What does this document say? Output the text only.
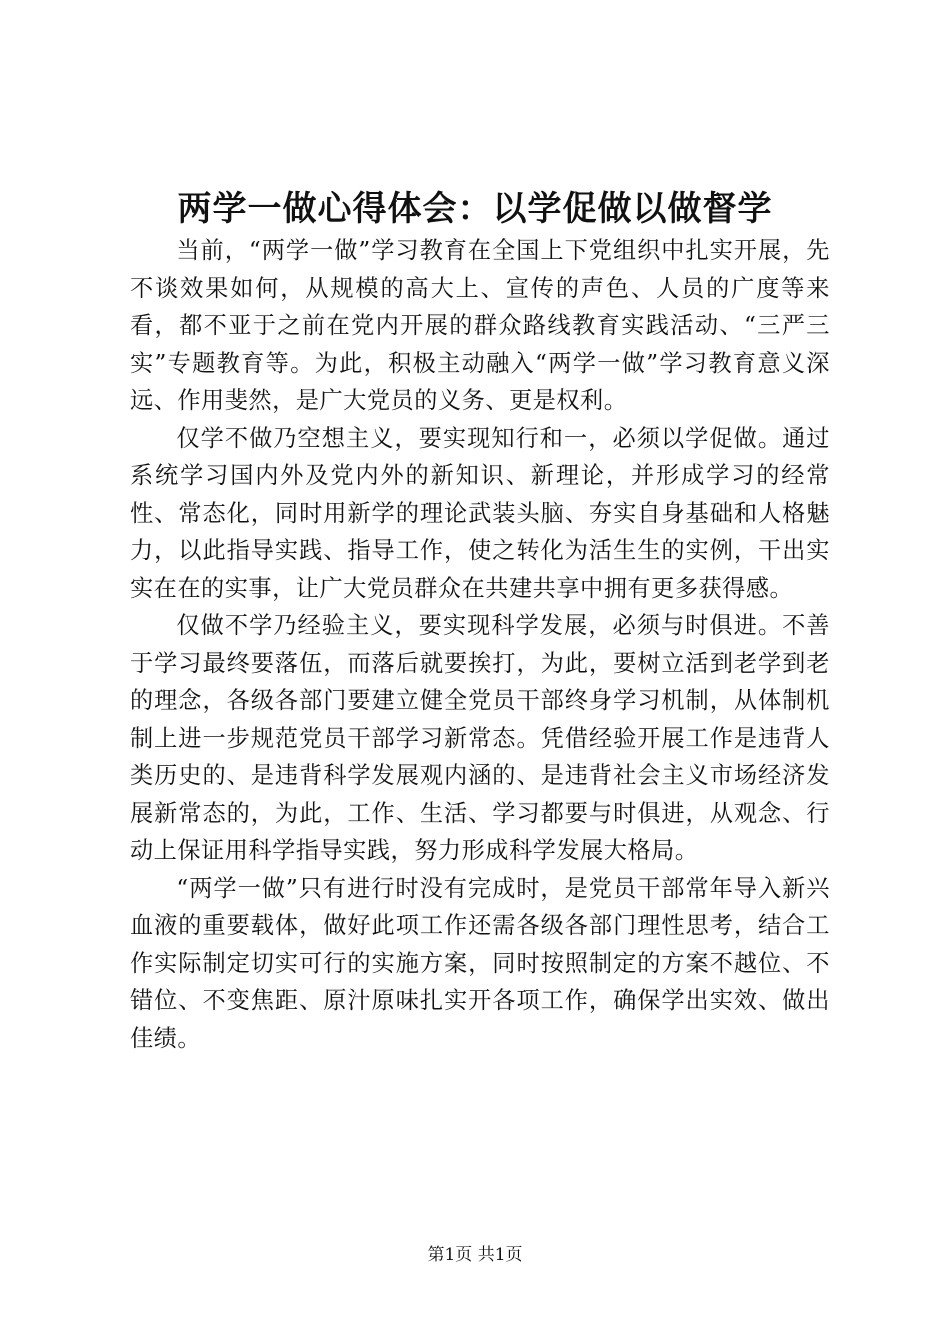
两学一做心得体会：以学促做以做督学

当前，“两学一做”学习教育在全国上下党组织中扎实开展，先不谈效果如何，从规模的高大上、宣传的声色、人员的广度等来看，都不亚于之前在党内开展的群众路线教育实践活动、“三严三实”专题教育等。为此，积极主动融入“两学一做”学习教育意义深远、作用斐然，是广大党员的义务、更是权利。

仅学不做乃空想主义，要实现知行和一，必须以学促做。通过系统学习国内外及党内外的新知识、新理论，并形成学习的经常性、常态化，同时用新学的理论武装头脑、夯实自身基础和人格魅力，以此指导实践、指导工作，使之转化为活生生的实例，干出实实在在的实事，让广大党员群众在共建共享中拥有更多获得感。

仅做不学乃经验主义，要实现科学发展，必须与时俱进。不善于学习最终要落伍，而落后就要挨打，为此，要树立活到老学到老的理念，各级各部门要建立健全党员干部终身学习机制，从体制机制上进一步规范党员干部学习新常态。凭借经验开展工作是违背人类历史的、是违背科学发展观内涵的、是违背社会主义市场经济发展新常态的，为此，工作、生活、学习都要与时俱进，从观念、行动上保证用科学指导实践，努力形成科学发展大格局。

“两学一做”只有进行时没有完成时，是党员干部常年导入新兴血液的重要载体，做好此项工作还需各级各部门理性思考，结合工作实际制定切实可行的实施方案，同时按照制定的方案不越位、不错位、不变焦距、原汁原味扎实开各项工作，确保学出实效、做出佳绩。

第1页 共1页
